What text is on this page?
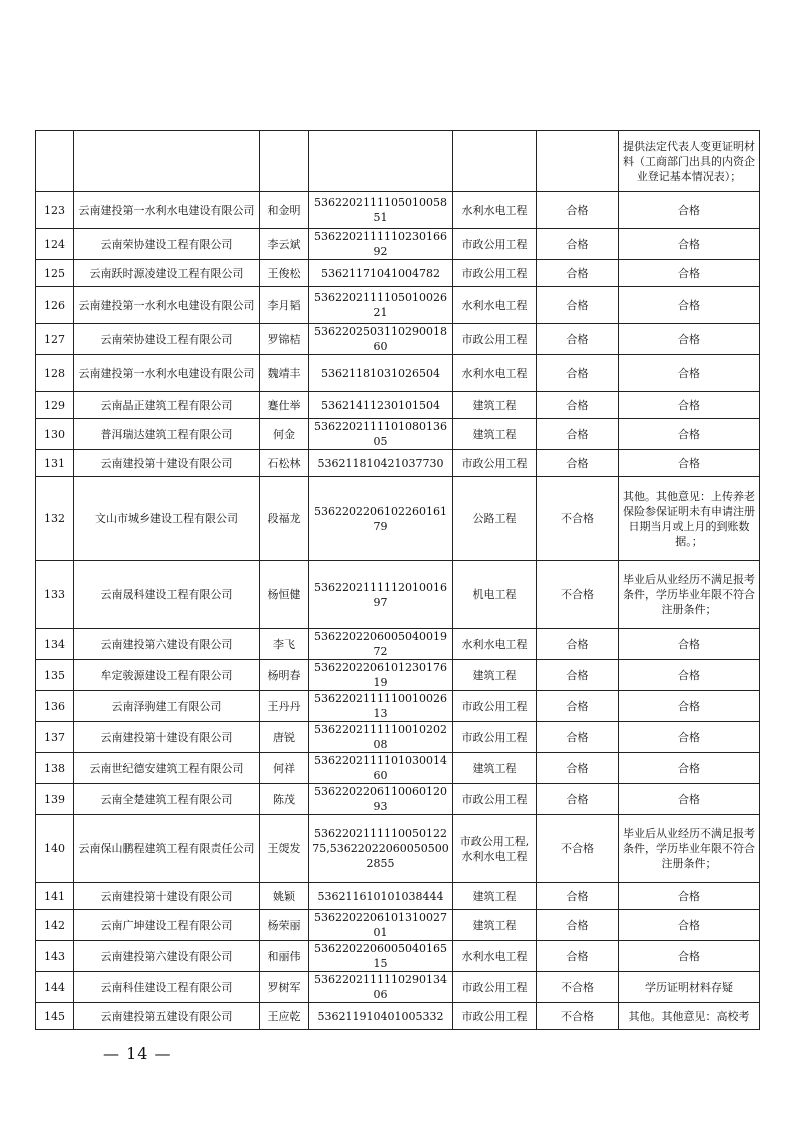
						提供法定代表人变更证明材料（工商部门出具的内资企业登记基本情况表）；
123	云南建投第一水利水电建设有限公司	和金明	536220211110501005851	水利水电工程	合格	合格
124	云南荣协建设工程有限公司	李云斌	536220211111023016692	市政公用工程	合格	合格
125	云南跃时源凌建设工程有限公司	王俊松	53621171041004782	市政公用工程	合格	合格
126	云南建投第一水利水电建设有限公司	李月韬	536220211110501002621	水利水电工程	合格	合格
127	云南荣协建设工程有限公司	罗锦桔	536220250311029001860	市政公用工程	合格	合格
128	云南建投第一水利水电建设有限公司	魏靖丰	53621181031026504	水利水电工程	合格	合格
129	云南晶正建筑工程有限公司	蹇仕举	53621411230101504	建筑工程	合格	合格
130	普洱瑞达建筑工程有限公司	何金	536220211110108013605	建筑工程	合格	合格
131	云南建投第十建设有限公司	石松林	536211810421037730	市政公用工程	合格	合格
132	文山市城乡建设工程有限公司	段福龙	536220220610226016179	公路工程	不合格	其他。其他意见：上传养老保险参保证明未有申请注册日期当月或上月的到账数据。；
133	云南晟科建设工程有限公司	杨恒健	536220211111201001697	机电工程	不合格	毕业后从业经历不满足报考条件，学历毕业年限不符合注册条件；
134	云南建投第六建设有限公司	李飞	536220220600504001972	水利水电工程	合格	合格
135	牟定骏源建设工程有限公司	杨明春	536220220610123017619	建筑工程	合格	合格
136	云南泽驹建工有限公司	王丹丹	536220211111001002613	市政公用工程	合格	合格
137	云南建投第十建设有限公司	唐锐	536220211111001020208	市政公用工程	合格	合格
138	云南世纪德安建筑工程有限公司	何祥	536220211110103001460	建筑工程	合格	合格
139	云南全楚建筑工程有限公司	陈茂	536220220611006012093	市政公用工程	合格	合格
140	云南保山鹏程建筑工程有限责任公司	王焈发	536220211111005012275,536220220600505002855	市政公用工程,水利水电工程	不合格	毕业后从业经历不满足报考条件，学历毕业年限不符合注册条件；
141	云南建投第十建设有限公司	姚颖	536211610101038444	建筑工程	合格	合格
142	云南广坤建设工程有限公司	杨荣丽	536220220610131002701	建筑工程	合格	合格
143	云南建投第六建设有限公司	和丽伟	536220220600504016515	水利水电工程	合格	合格
144	云南科佳建设工程有限公司	罗树军	536220211111029013406	市政公用工程	不合格	学历证明材料存疑
145	云南建投第五建设有限公司	王应乾	536211910401005332	市政公用工程	不合格	其他。其他意见：高校考
— 14 —
